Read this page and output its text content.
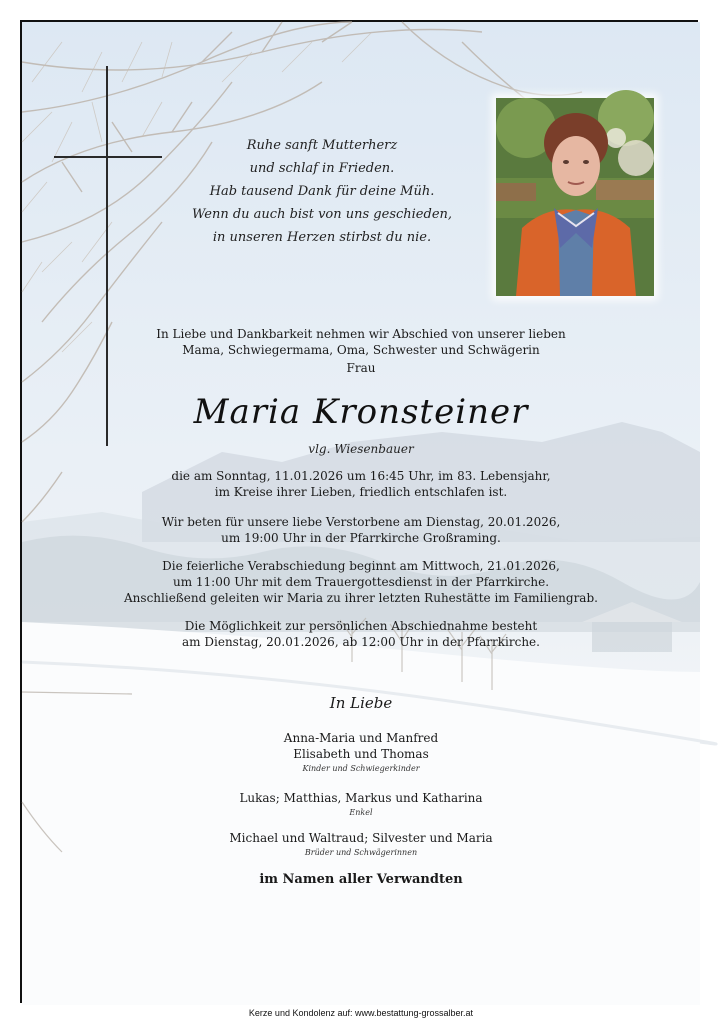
Ruhe sanft Mutterherz
und schlaf in Frieden.
Hab tausend Dank für deine Müh.
Wenn du auch bist von uns geschieden,
in unseren Herzen stirbst du nie.
In Liebe und Dankbarkeit nehmen wir Abschied von unserer lieben
Mama, Schwiegermama, Oma, Schwester und Schwägerin
Frau
Maria Kronsteiner
vlg. Wiesenbauer
die am Sonntag, 11.01.2026 um 16:45 Uhr, im 83. Lebensjahr,
im Kreise ihrer Lieben, friedlich entschlafen ist.
Wir beten für unsere liebe Verstorbene am Dienstag, 20.01.2026,
um 19:00 Uhr in der Pfarrkirche Großraming.
Die feierliche Verabschiedung beginnt am Mittwoch, 21.01.2026,
um 11:00 Uhr mit dem Trauergottesdienst in der Pfarrkirche.
Anschließend geleiten wir Maria zu ihrer letzten Ruhestätte im Familiengrab.
Die Möglichkeit zur persönlichen Abschiednahme besteht
am Dienstag, 20.01.2026, ab 12:00 Uhr in der Pfarrkirche.
In Liebe
Anna-Maria und Manfred
Elisabeth und Thomas
Kinder und Schwiegerkinder
Lukas; Matthias, Markus und Katharina
Enkel
Michael und Waltraud; Silvester und Maria
Brüder und Schwägerinnen
im Namen aller Verwandten
Kerze und Kondolenz auf: www.bestattung-grossalber.at
